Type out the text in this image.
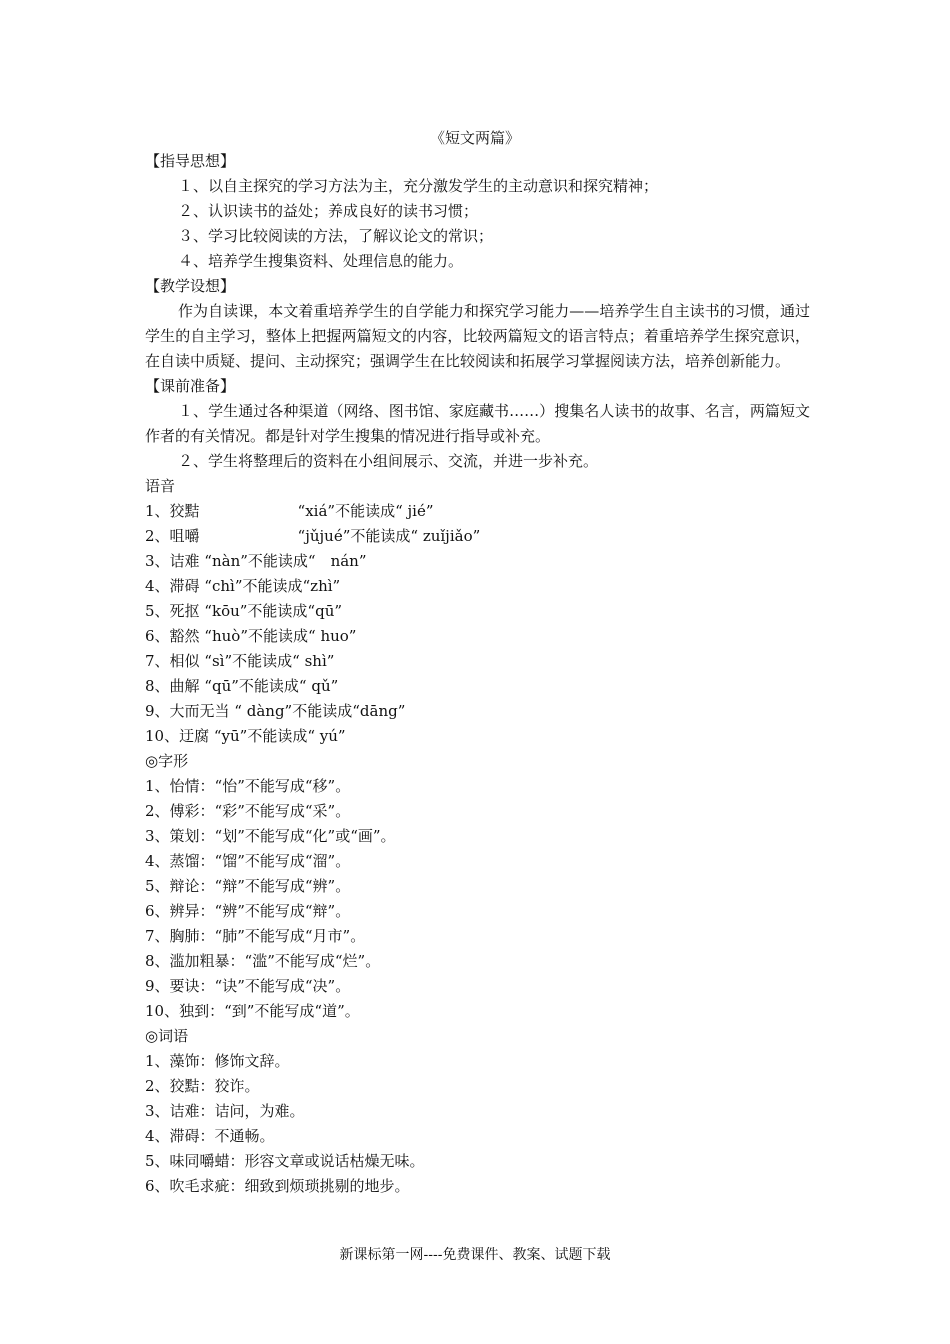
《短文两篇》
【指导思想】
１、以自主探究的学习方法为主，充分激发学生的主动意识和探究精神；
２、认识读书的益处；养成良好的读书习惯；
３、学习比较阅读的方法，了解议论文的常识；
４、培养学生搜集资料、处理信息的能力。
【教学设想】

作为自读课，本文着重培养学生的自学能力和探究学习能力——培养学生自主读书的习惯，通过学生的自主学习，整体上把握两篇短文的内容，比较两篇短文的语言特点；着重培养学生探究意识，在自读中质疑、提问、主动探究；强调学生在比较阅读和拓展学习掌握阅读方法，培养创新能力。

【课前准备】

１、学生通过各种渠道（网络、图书馆、家庭藏书……）搜集名人读书的故事、名言，两篇短文作者的有关情况。都是针对学生搜集的情况进行指导或补充。

２、学生将整理后的资料在小组间展示、交流，并进一步补充。

语音
1、狡黠	“xiá”不能读成“ jié”
2、咀嚼	“jǔjué”不能读成“ zuǐjiǎo”
3、诘难 “nàn”不能读成“　nán”
4、滞碍 “chì”不能读成“zhì”
5、死抠 “kōu”不能读成“qū”
6、豁然 “huò”不能读成“ huo”
7、相似 “sì”不能读成“ shì”
8、曲解 “qū”不能读成“ qǔ”
9、大而无当 “ dàng”不能读成“dāng”
10、迂腐 “yū”不能读成“ yú”
◎字形
1、怡情：“怡”不能写成“移”。
2、傅彩：“彩”不能写成“采”。
3、策划：“划”不能写成“化”或“画”。
4、蒸馏：“馏”不能写成“溜”。
5、辩论：“辩”不能写成“辨”。
6、辨异：“辨”不能写成“辩”。
7、胸肺：“肺”不能写成“月市”。
8、滥加粗暴：“滥”不能写成“烂”。
9、要诀：“诀”不能写成“决”。
10、独到：“到”不能写成“道”。
◎词语
1、藻饰：修饰文辞。
2、狡黠：狡诈。
3、诘难：诘问，为难。
4、滞碍：不通畅。
5、味同嚼蜡：形容文章或说话枯燥无味。
6、吹毛求疵：细致到烦琐挑剔的地步。
新课标第一网----免费课件、教案、试题下载
